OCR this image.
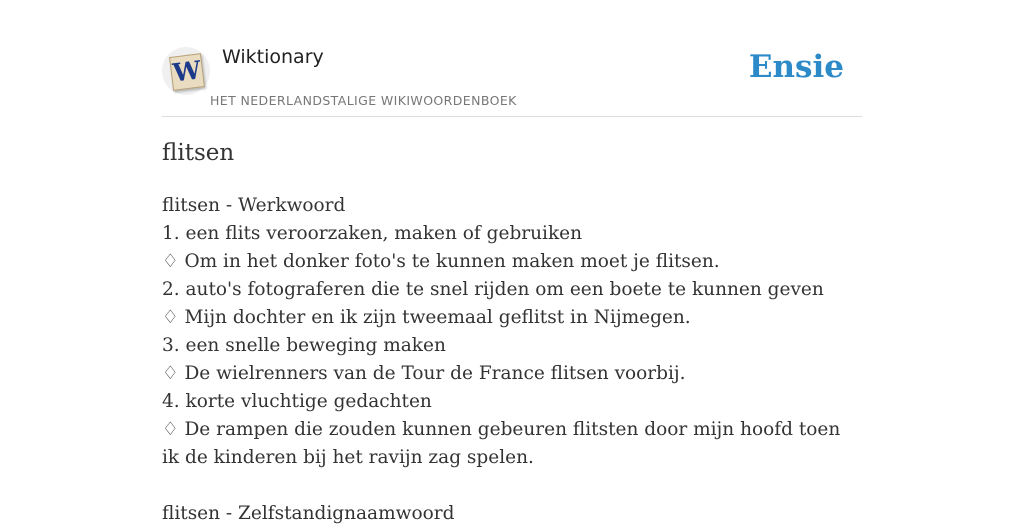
W Wiktionary
HET NEDERLANDSTALIGE WIKIWOORDENBOEK
Ensie
flitsen
flitsen - Werkwoord
1. een flits veroorzaken, maken of gebruiken
♢ Om in het donker foto's te kunnen maken moet je flitsen.
2. auto's fotograferen die te snel rijden om een boete te kunnen geven
♢ Mijn dochter en ik zijn tweemaal geflitst in Nijmegen.
3. een snelle beweging maken
♢ De wielrenners van de Tour de France flitsen voorbij.
4. korte vluchtige gedachten
♢ De rampen die zouden kunnen gebeuren flitsten door mijn hoofd toen ik de kinderen bij het ravijn zag spelen.
flitsen - Zelfstandignaamwoord
